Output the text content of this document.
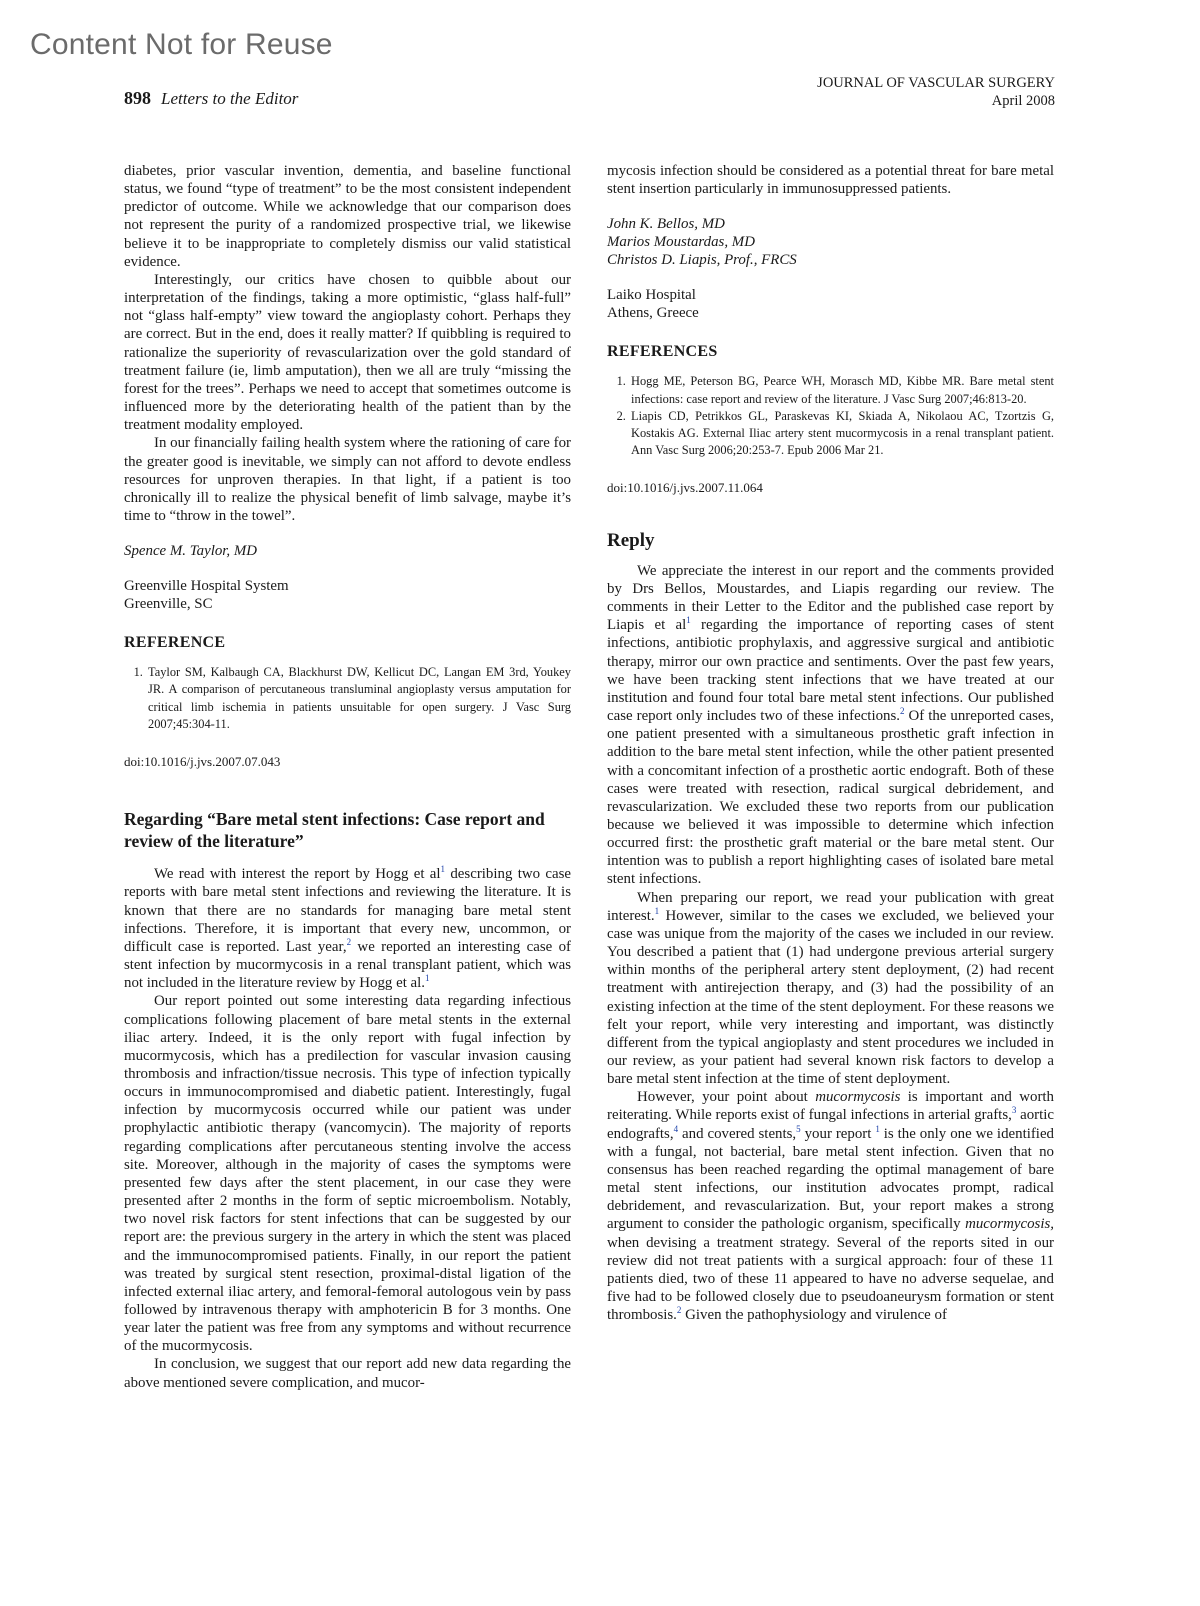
Content Not for Reuse
898 Letters to the Editor
JOURNAL OF VASCULAR SURGERY
April 2008

diabetes, prior vascular invention, dementia, and baseline functional status, we found “type of treatment” to be the most consistent independent predictor of outcome. While we acknowledge that our comparison does not represent the purity of a randomized prospective trial, we likewise believe it to be inappropriate to completely dismiss our valid statistical evidence.

Interestingly, our critics have chosen to quibble about our interpretation of the findings, taking a more optimistic, “glass half-full” not “glass half-empty” view toward the angioplasty cohort. Perhaps they are correct. But in the end, does it really matter? If quibbling is required to rationalize the superiority of revascularization over the gold standard of treatment failure (ie, limb amputation), then we all are truly “missing the forest for the trees”. Perhaps we need to accept that sometimes outcome is influenced more by the deteriorating health of the patient than by the treatment modality employed.

In our financially failing health system where the rationing of care for the greater good is inevitable, we simply can not afford to devote endless resources for unproven therapies. In that light, if a patient is too chronically ill to realize the physical benefit of limb salvage, maybe it’s time to “throw in the towel”.

Spence M. Taylor, MD
Greenville Hospital System
Greenville, SC
REFERENCE
1. Taylor SM, Kalbaugh CA, Blackhurst DW, Kellicut DC, Langan EM 3rd, Youkey JR. A comparison of percutaneous transluminal angioplasty versus amputation for critical limb ischemia in patients unsuitable for open surgery. J Vasc Surg 2007;45:304-11.
doi:10.1016/j.jvs.2007.07.043
Regarding “Bare metal stent infections: Case report and review of the literature”

We read with interest the report by Hogg et $al^1$ describing two case reports with bare metal stent infections and reviewing the literature. It is known that there are no standards for managing bare metal stent infections. Therefore, it is important that every new, uncommon, or difficult case is reported. Last year,$^2$ we reported an interesting case of stent infection by mucormycosis in a renal transplant patient, which was not included in the literature review by Hogg et al.$^1$

Our report pointed out some interesting data regarding infectious complications following placement of bare metal stents in the external iliac artery. Indeed, it is the only report with fugal infection by mucormycosis, which has a predilection for vascular invasion causing thrombosis and infraction/tissue necrosis. This type of infection typically occurs in immunocompromised and diabetic patient. Interestingly, fugal infection by mucormycosis occurred while our patient was under prophylactic antibiotic therapy (vancomycin). The majority of reports regarding complications after percutaneous stenting involve the access site. Moreover, although in the majority of cases the symptoms were presented few days after the stent placement, in our case they were presented after 2 months in the form of septic microembolism. Notably, two novel risk factors for stent infections that can be suggested by our report are: the previous surgery in the artery in which the stent was placed and the immunocompromised patients. Finally, in our report the patient was treated by surgical stent resection, proximal-distal ligation of the infected external iliac artery, and femoral-femoral autologous vein by pass followed by intravenous therapy with amphotericin B for 3 months. One year later the patient was free from any symptoms and without recurrence of the mucormycosis.

In conclusion, we suggest that our report add new data regarding the above mentioned severe complication, and mucor-

mycosis infection should be considered as a potential threat for bare metal stent insertion particularly in immunosuppressed patients.

John K. Bellos, MD
Marios Moustardas, MD
Christos D. Liapis, Prof., FRCS
Laiko Hospital
Athens, Greece
REFERENCES
1. Hogg ME, Peterson BG, Pearce WH, Morasch MD, Kibbe MR. Bare metal stent infections: case report and review of the literature. J Vasc Surg 2007;46:813-20.
2. Liapis CD, Petrikkos GL, Paraskevas KI, Skiada A, Nikolaou AC, Tzortzis G, Kostakis AG. External Iliac artery stent mucormycosis in a renal transplant patient. Ann Vasc Surg 2006;20:253-7. Epub 2006 Mar 21.
doi:10.1016/j.jvs.2007.11.064
Reply

We appreciate the interest in our report and the comments provided by Drs Bellos, Moustardes, and Liapis regarding our review. The comments in their Letter to the Editor and the published case report by Liapis et $al^1$ regarding the importance of reporting cases of stent infections, antibiotic prophylaxis, and aggressive surgical and antibiotic therapy, mirror our own practice and sentiments. Over the past few years, we have been tracking stent infections that we have treated at our institution and found four total bare metal stent infections. Our published case report only includes two of these infections.$^2$ Of the unreported cases, one patient presented with a simultaneous prosthetic graft infection in addition to the bare metal stent infection, while the other patient presented with a concomitant infection of a prosthetic aortic endograft. Both of these cases were treated with resection, radical surgical debridement, and revascularization. We excluded these two reports from our publication because we believed it was impossible to determine which infection occurred first: the prosthetic graft material or the bare metal stent. Our intention was to publish a report highlighting cases of isolated bare metal stent infections.

When preparing our report, we read your publication with great interest.$^1$ However, similar to the cases we excluded, we believed your case was unique from the majority of the cases we included in our review. You described a patient that (1) had undergone previous arterial surgery within months of the peripheral artery stent deployment, (2) had recent treatment with antirejection therapy, and (3) had the possibility of an existing infection at the time of the stent deployment. For these reasons we felt your report, while very interesting and important, was distinctly different from the typical angioplasty and stent procedures we included in our review, as your patient had several known risk factors to develop a bare metal stent infection at the time of stent deployment.

However, your point about mucormycosis is important and worth reiterating. While reports exist of fungal infections in arterial grafts,$^3$ aortic endografts,$^4$ and covered stents,$^5$ your report $^1$ is the only one we identified with a fungal, not bacterial, bare metal stent infection. Given that no consensus has been reached regarding the optimal management of bare metal stent infections, our institution advocates prompt, radical debridement, and revascularization. But, your report makes a strong argument to consider the pathologic organism, specifically mucormycosis, when devising a treatment strategy. Several of the reports sited in our review did not treat patients with a surgical approach: four of these 11 patients died, two of these 11 appeared to have no adverse sequelae, and five had to be followed closely due to pseudoaneurysm formation or stent thrombosis.$^2$ Given the pathophysiology and virulence of
